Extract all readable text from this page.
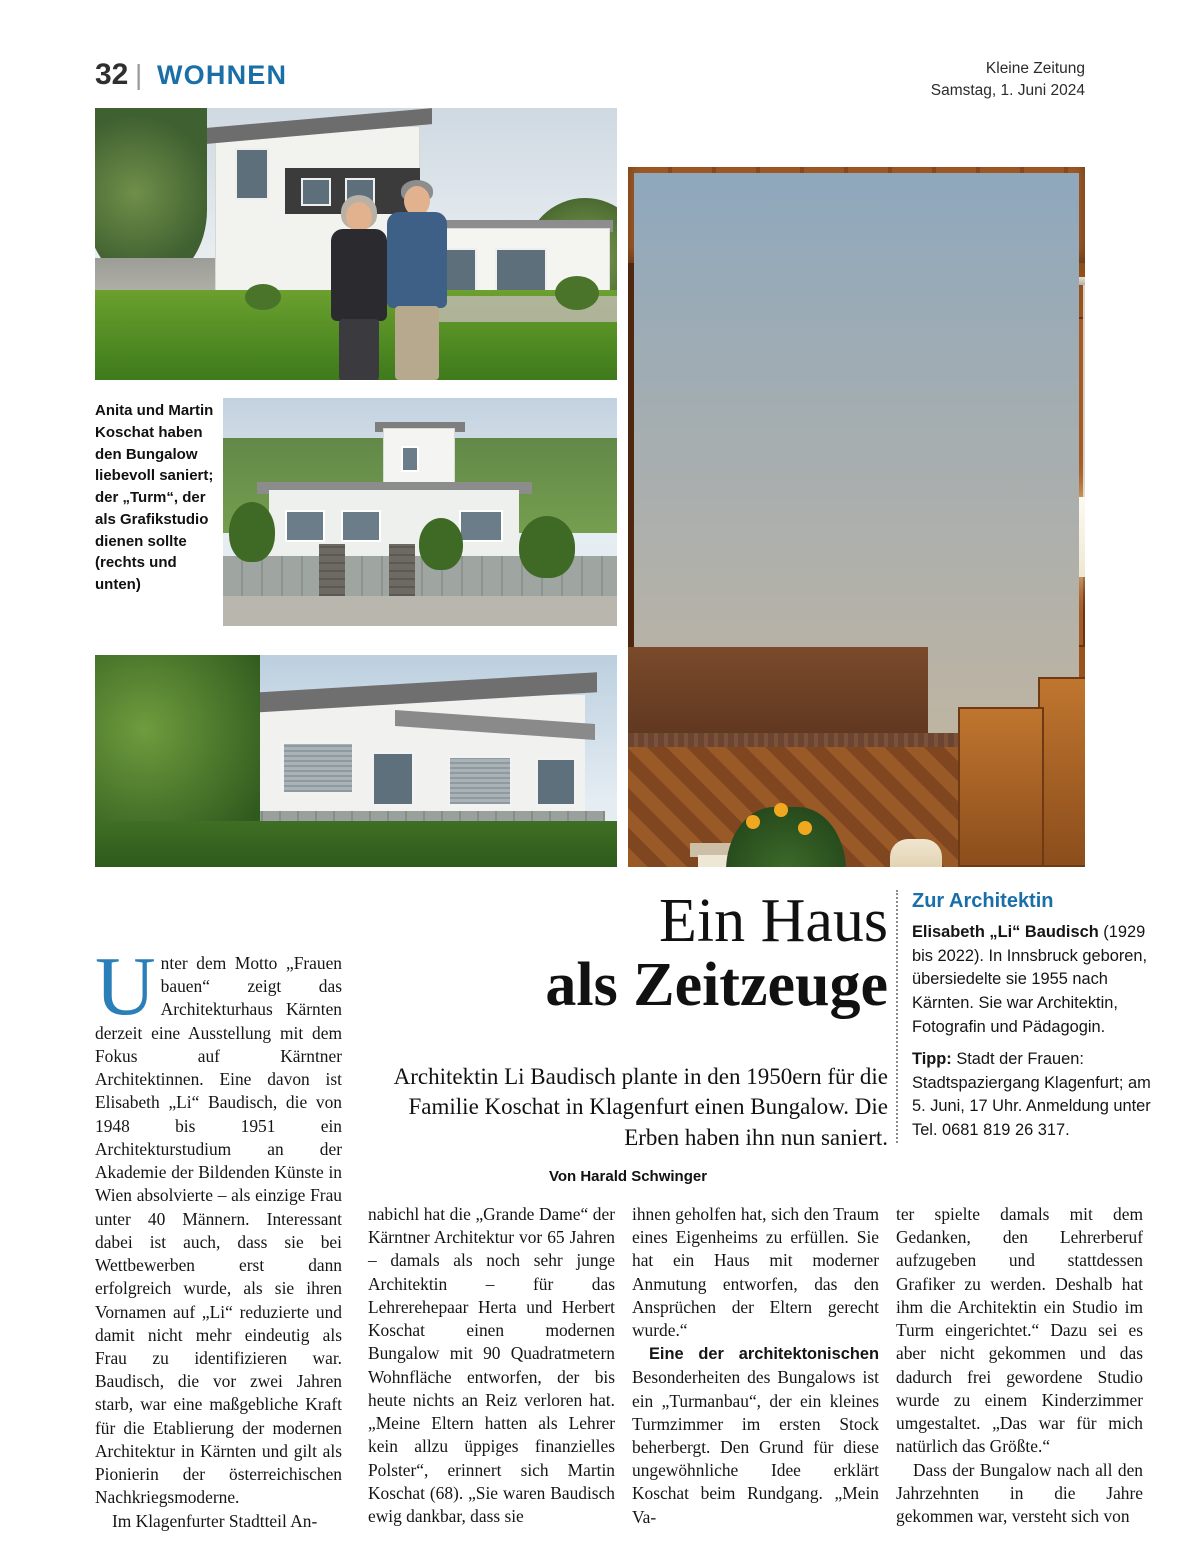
32 | WOHNEN	Kleine Zeitung
Samstag, 1. Juni 2024
Anita und Martin Koschat haben den Bungalow liebevoll saniert; der „Turm“, der als Grafikstudio dienen sollte (rechts und unten)
Ein Haus
als Zeitzeuge
Architektin Li Baudisch plante in den 1950ern für die Familie Koschat in Klagenfurt einen Bungalow. Die Erben haben ihn nun saniert.
Von Harald Schwinger

Unter dem Motto „Frauen bauen“ zeigt das Architekturhaus Kärnten derzeit eine Ausstellung mit dem Fokus auf Kärntner Architektinnen. Eine davon ist Elisabeth „Li“ Baudisch, die von 1948 bis 1951 ein Architekturstudium an der Akademie der Bildenden Künste in Wien absolvierte – als einzige Frau unter 40 Männern. Interessant dabei ist auch, dass sie bei Wettbewerben erst dann erfolgreich wurde, als sie ihren Vornamen auf „Li“ reduzierte und damit nicht mehr eindeutig als Frau zu identifizieren war. Baudisch, die vor zwei Jahren starb, war eine maßgebliche Kraft für die Etablierung der modernen Architektur in Kärnten und gilt als Pionierin der österreichischen Nachkriegsmoderne.

Im Klagenfurter Stadtteil An-

nabichl hat die „Grande Dame“ der Kärntner Architektur vor 65 Jahren – damals als noch sehr junge Architektin – für das Lehrerehepaar Herta und Herbert Koschat einen modernen Bungalow mit 90 Quadratmetern Wohnfläche entworfen, der bis heute nichts an Reiz verloren hat. „Meine Eltern hatten als Lehrer kein allzu üppiges finanzielles Polster“, erinnert sich Martin Koschat (68). „Sie waren Baudisch ewig dankbar, dass sie

ihnen geholfen hat, sich den Traum eines Eigenheims zu erfüllen. Sie hat ein Haus mit moderner Anmutung entworfen, das den Ansprüchen der Eltern gerecht wurde.“

Eine der architektonischen Besonderheiten des Bungalows ist ein „Turmanbau“, der ein kleines Turmzimmer im ersten Stock beherbergt. Den Grund für diese ungewöhnliche Idee erklärt Koschat beim Rundgang. „Mein Va-

ter spielte damals mit dem Gedanken, den Lehrerberuf aufzugeben und stattdessen Grafiker zu werden. Deshalb hat ihm die Architektin ein Studio im Turm eingerichtet.“ Dazu sei es aber nicht gekommen und das dadurch frei gewordene Studio wurde zu einem Kinderzimmer umgestaltet. „Das war für mich natürlich das Größte.“

Dass der Bungalow nach all den Jahrzehnten in die Jahre gekommen war, versteht sich von

Zur Architektin

Elisabeth „Li“ Baudisch (1929 bis 2022). In Innsbruck geboren, übersiedelte sie 1955 nach Kärnten. Sie war Architektin, Fotografin und Pädagogin.

Tipp: Stadt der Frauen: Stadtspaziergang Klagenfurt; am 5. Juni, 17 Uhr. Anmeldung unter Tel. 0681 819 26 317.
